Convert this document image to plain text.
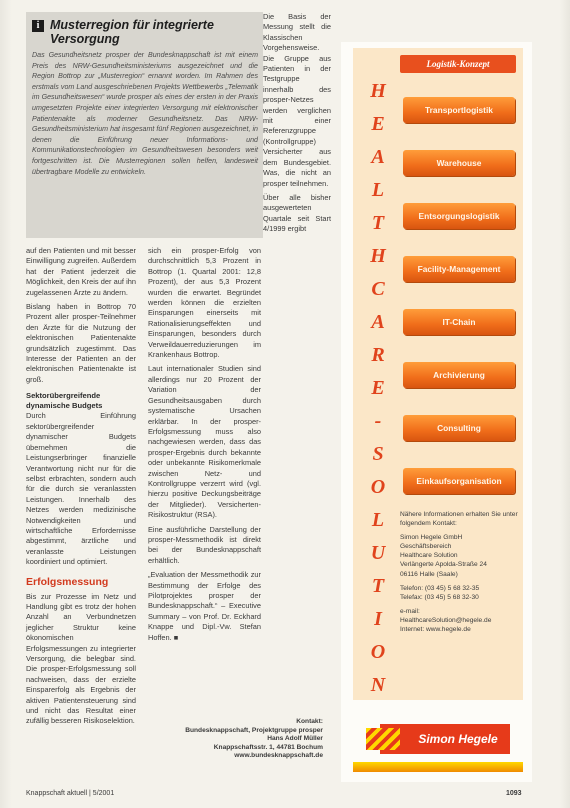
i Musterregion für integrierte Versorgung
Das Gesundheitsnetz prosper der Bundesknappschaft ist mit einem Preis des NRW-Gesundheitsministeriums ausgezeichnet und die Region Bottrop zur „Musterregion“ ernannt worden. Im Rahmen des erstmals vom Land ausgeschriebenen Projekts Wettbewerbs „Telematik im Gesundheitswesen“ wurde prosper als eines der ersten in der Praxis umgesetzten Projekte einer integrierten Versorgung mit elektronischer Patientenakte als moderner Gesundheitsnetz. Das NRW-Gesundheitsministerium hat insgesamt fünf Regionen ausgezeichnet, in denen die Einführung neuer Informations- und Kommunikationstechnologien im Gesundheitswesen besonders weit fortgeschritten ist. Die Musterregionen sollen helfen, landesweit übertragbare Modelle zu entwickeln.

auf den Patienten und mit besser Einwilligung zugreifen. Außerdem hat der Patient jederzeit die Möglichkeit, den Kreis der auf ihn zugelassenen Ärzte zu ändern.

Bislang haben in Bottrop 70 Prozent aller prosper-Teilnehmer den Ärzte für die Nutzung der elektronischen Patientenakte grundsätzlich zugestimmt. Das Interesse der Patienten an der elektronischen Patientenakte ist groß.

Sektorübergreifende dynamische Budgets

Durch Einführung sektorübergreifender dynamischer Budgets übernehmen die Leistungserbringer finanzielle Verantwortung nicht nur für die selbst erbrachten, sondern auch für die durch sie veranlassten Leistungen. Innerhalb des Netzes werden medizinische Notwendigkeiten und wirtschaftliche Erfordernisse abgestimmt, ärztliche und veranlasste Leistungen koordiniert und optimiert.

Erfolgsmessung

Bis zur Prozesse im Netz und Handlung gibt es trotz der hohen Anzahl an Verbundnetzen jeglicher Struktur keine ökonomischen Erfolgsmessungen zu integrierter Versorgung, die belegbar sind. Die prosper-Erfolgsmessung soll nachweisen, dass der erzielte Einsparerfolg als Ergebnis der aktiven Patientensteuerung sind und nicht das Resultat einer zufällig besseren Risikoselektion.

sich ein prosper-Erfolg von durchschnittlich 5,3 Prozent in Bottrop (1. Quartal 2001: 12,8 Prozent), der aus 5,3 Prozent wurden die erwartet. Begründet werden können die erzielten Einsparungen einerseits mit Rationalisierungseffekten und Einsparungen, besonders durch Verweildauerreduzierungen im Krankenhaus Bottrop.

Laut internationaler Studien sind allerdings nur 20 Prozent der Variation der Gesundheitsausgaben durch systematische Ursachen erklärbar. In der prosper-Erfolgsmessung muss also nachgewiesen werden, dass das prosper-Ergebnis durch bekannte oder unbekannte Risikomerkmale zwischen Netz- und Kontrollgruppe verzerrt wird (vgl. hierzu positive Deckungsbeiträge der Mitglieder). Versicherten-Risikostruktur (RSA).

Eine ausführliche Darstellung der prosper-Messmethodik ist direkt bei der Bundesknappschaft erhältlich.

„Evaluation der Messmethodik zur Bestimmung der Erfolge des Pilotprojektes prosper der Bundesknappschaft.“ – Executive Summary – von Prof. Dr. Eckhard Knappe und Dipl.-Vw. Stefan Hoffen. ■

Die Basis der Messung stellt die Klassischen Vorgehensweise. Die Gruppe aus Patienten in der Testgruppe innerhalb des prosper-Netzes werden verglichen mit einer Referenzgruppe (Kontrollgruppe) Versicherter aus dem Bundesgebiet. Was, die nicht an prosper teilnehmen.

Über alle bisher ausgewerteten Quartale seit Start 4/1999 ergibt

Kontakt:
Bundesknappschaft, Projektgruppe prosper
Hans Adolf Müller
Knappschaftsstr. 1, 44781 Bochum
www.bundesknappschaft.de
Logistik-Konzept
H
E
A
L
T
H
C
A
R
E
-
S
O
L
U
T
I
O
N
Transportlogistik
Warehouse
Entsorgungslogistik
Facility-Management
IT-Chain
Archivierung
Consulting
Einkaufsorganisation

Nähere Informationen erhalten Sie unter folgendem Kontakt:

Simon Hegele GmbH
Geschäftsbereich
Healthcare Solution
Verlängerte Apolda-Straße 24

06116 Halle (Saale)

Telefon: (03 45) 5 68 32-35

Telefax: (03 45) 5 68 32-30

e-mail:
HealthcareSolution@hegele.de
Internet: www.hegele.de
Simon Hegele
Knappschaft aktuell | 5/2001	1093
